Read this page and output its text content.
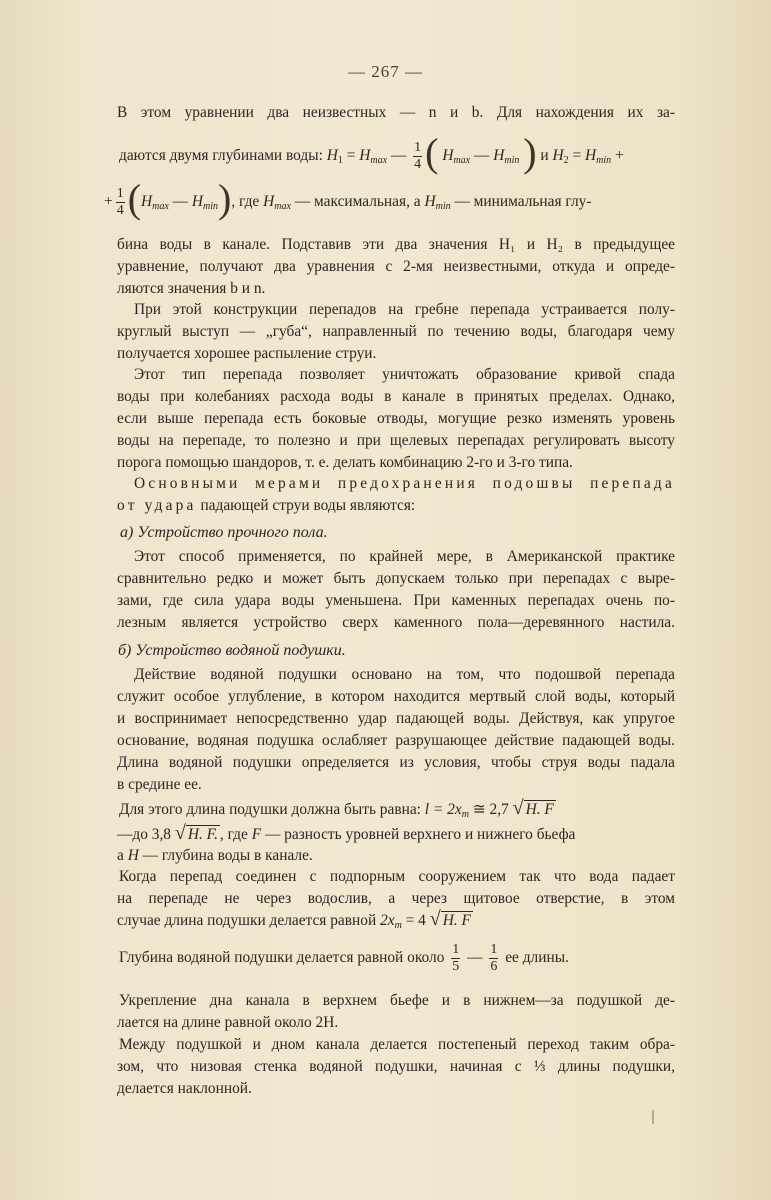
— 267 —
В этом уравнении два неизвестных — n и b. Для нахождения их за-
даются двумя глубинами воды: $H_1 = H_{max}$ — $\frac{1}{4}$ ( $H_{max}$ — $H_{min}$ ) и $H_2 = H_{min}$ +
+ $\frac{1}{4} (H_{max}$ — $H_{min}$), где $H_{max}$ — максимальная, а $H_{min}$ — минимальная глу-
бина воды в канале. Подставив эти два значения H₁ и H₂ в предыдущее
уравнение, получают два уравнения с 2-мя неизвестными, откуда и опреде-
ляются значения b и n.
При этой конструкции перепадов на гребне перепада устраивается полу-
круглый выступ — „губа“, направленный по течению воды, благодаря чему
получается хорошее распыление струи.
Этот тип перепада позволяет уничтожать образование кривой спада
воды при колебаниях расхода воды в канале в принятых пределах. Однако,
если выше перепада есть боковые отводы, могущие резко изменять уровень
воды на перепаде, то полезно и при щелевых перепадах регулировать высоту
порога помощью шандоров, т. е. делать комбинацию 2-го и 3-го типа.
Основными мерами предохранения подошвы перепада
от удара падающей струи воды являются:
a) Устройство прочного пола.
Этот способ применяется, по крайней мере, в Американской практике
сравнительно редко и может быть допускаем только при перепадах с выре-
зами, где сила удара воды уменьшена. При каменных перепадах очень по-
лезным является устройство сверх каменного пола—деревянного настила.
б) Устройство водяной подушки.
Действие водяной подушки основано на том, что подошвой перепада
служит особое углубление, в котором находится мертвый слой воды, который
и воспринимает непосредственно удар падающей воды. Действуя, как упругое
основание, водяная подушка ослабляет разрушающее действие падающей воды.
Длина водяной подушки определяется из условия, чтобы струя воды падала
в средине ее.
Для этого длина подушки должна быть равна: $l = 2x_m$ ≅ 2,7 √ H. F
—до 3,8 √ H. F. , где F — разность уровней верхнего и нижнего бьефа
а H — глубина воды в канале.
Когда перепад соединен с подпорным сооружением так что вода падает
на перепаде не через водослив, а через щитовое отверстие, в этом
случае длина подушки делается равной $2x_m = 4$ √ H. F
Глубина водяной подушки делается равной около $\frac{1}{5}$ — $\frac{1}{6}$ ее длины.
Укрепление дна канала в верхнем бьефе и в нижнем—за подушкой де-
лается на длине равной около 2H.
Между подушкой и дном канала делается постепеный переход таким обра-
зом, что низовая стенка водяной подушки, начиная с ⅓ длины подушки,
делается наклонной.
